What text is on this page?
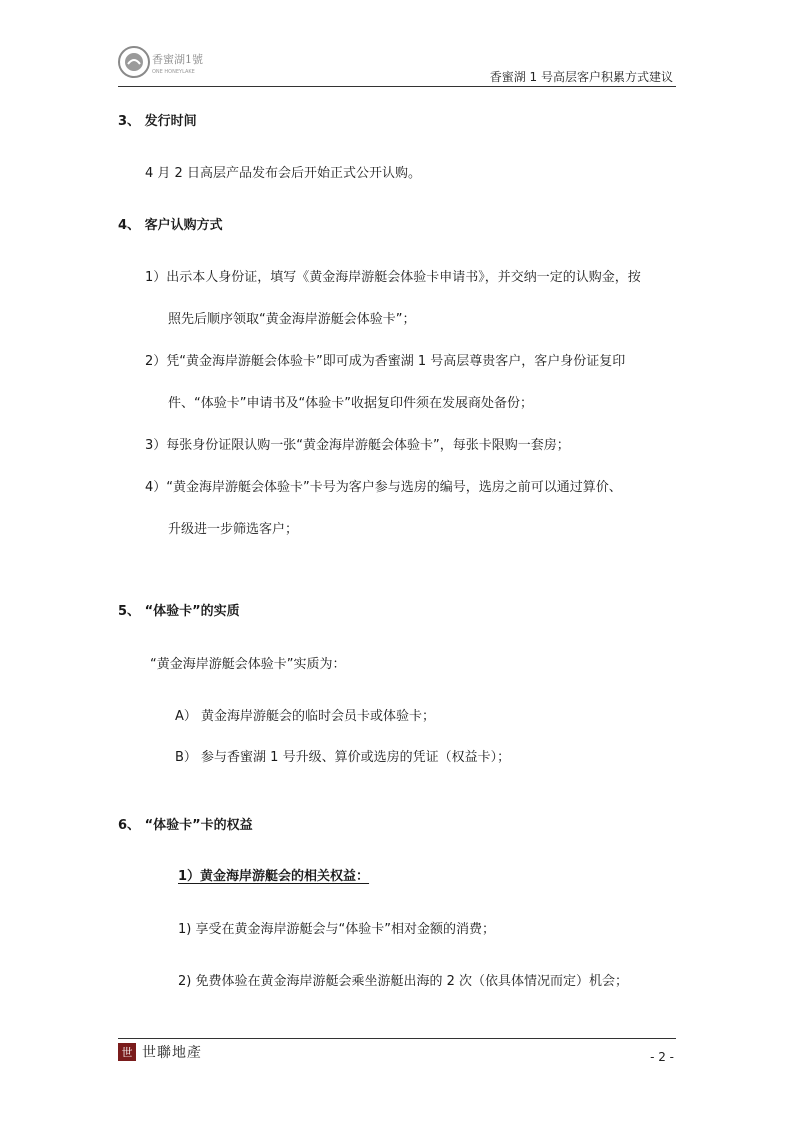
香蜜湖1號
ONE HONEYLAKE	香蜜湖 1 号高层客户积累方式建议
3、 发行时间
4 月 2 日高层产品发布会后开始正式公开认购。
4、 客户认购方式
1）出示本人身份证，填写《黄金海岸游艇会体验卡申请书》，并交纳一定的认购金，按
照先后顺序领取“黄金海岸游艇会体验卡”；
2）凭“黄金海岸游艇会体验卡”即可成为香蜜湖 1 号高层尊贵客户，客户身份证复印
件、“体验卡”申请书及“体验卡”收据复印件须在发展商处备份；
3）每张身份证限认购一张“黄金海岸游艇会体验卡”，每张卡限购一套房；
4）“黄金海岸游艇会体验卡”卡号为客户参与选房的编号，选房之前可以通过算价、
升级进一步筛选客户；
5、 “体验卡”的实质
“黄金海岸游艇会体验卡”实质为：
A） 黄金海岸游艇会的临时会员卡或体验卡；
B） 参与香蜜湖 1 号升级、算价或选房的凭证（权益卡）；
6、 “体验卡”卡的权益
1）黄金海岸游艇会的相关权益：
1) 享受在黄金海岸游艇会与“体验卡”相对金额的消费；
2) 免费体验在黄金海岸游艇会乘坐游艇出海的 2 次（依具体情况而定）机会；
世 世聯地產	- 2 -
